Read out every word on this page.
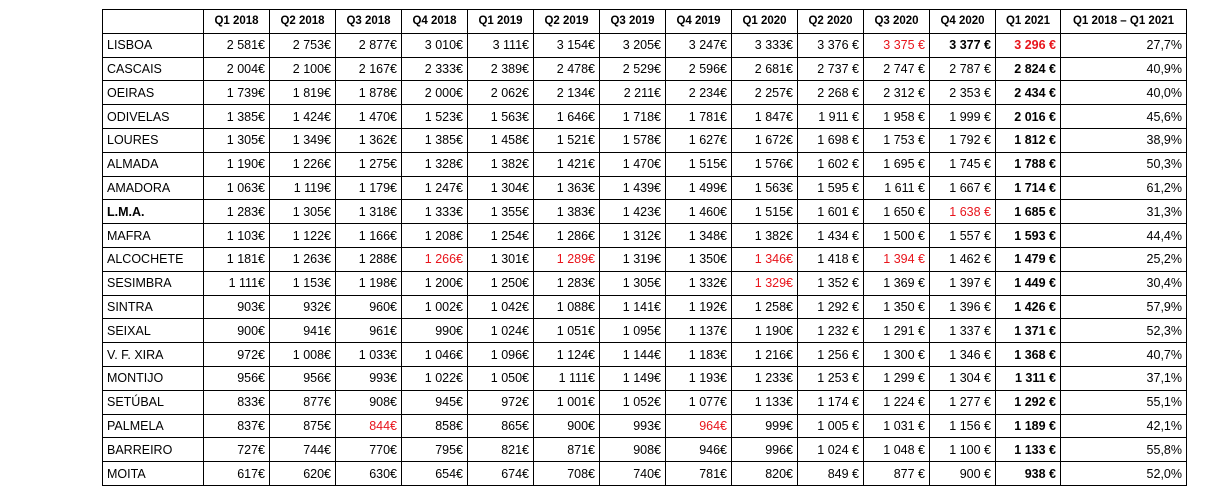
	Q1 2018	Q2 2018	Q3 2018	Q4 2018	Q1 2019	Q2 2019	Q3 2019	Q4 2019	Q1 2020	Q2 2020	Q3 2020	Q4 2020	Q1 2021	Q1 2018 – Q1 2021
LISBOA	2 581€	2 753€	2 877€	3 010€	3 111€	3 154€	3 205€	3 247€	3 333€	3 376 €	3 375 €	3 377 €	3 296 €	27,7%
CASCAIS	2 004€	2 100€	2 167€	2 333€	2 389€	2 478€	2 529€	2 596€	2 681€	2 737 €	2 747 €	2 787 €	2 824 €	40,9%
OEIRAS	1 739€	1 819€	1 878€	2 000€	2 062€	2 134€	2 211€	2 234€	2 257€	2 268 €	2 312 €	2 353 €	2 434 €	40,0%
ODIVELAS	1 385€	1 424€	1 470€	1 523€	1 563€	1 646€	1 718€	1 781€	1 847€	1 911 €	1 958 €	1 999 €	2 016 €	45,6%
LOURES	1 305€	1 349€	1 362€	1 385€	1 458€	1 521€	1 578€	1 627€	1 672€	1 698 €	1 753 €	1 792 €	1 812 €	38,9%
ALMADA	1 190€	1 226€	1 275€	1 328€	1 382€	1 421€	1 470€	1 515€	1 576€	1 602 €	1 695 €	1 745 €	1 788 €	50,3%
AMADORA	1 063€	1 119€	1 179€	1 247€	1 304€	1 363€	1 439€	1 499€	1 563€	1 595 €	1 611 €	1 667 €	1 714 €	61,2%
L.M.A.	1 283€	1 305€	1 318€	1 333€	1 355€	1 383€	1 423€	1 460€	1 515€	1 601 €	1 650 €	1 638 €	1 685 €	31,3%
MAFRA	1 103€	1 122€	1 166€	1 208€	1 254€	1 286€	1 312€	1 348€	1 382€	1 434 €	1 500 €	1 557 €	1 593 €	44,4%
ALCOCHETE	1 181€	1 263€	1 288€	1 266€	1 301€	1 289€	1 319€	1 350€	1 346€	1 418 €	1 394 €	1 462 €	1 479 €	25,2%
SESIMBRA	1 111€	1 153€	1 198€	1 200€	1 250€	1 283€	1 305€	1 332€	1 329€	1 352 €	1 369 €	1 397 €	1 449 €	30,4%
SINTRA	903€	932€	960€	1 002€	1 042€	1 088€	1 141€	1 192€	1 258€	1 292 €	1 350 €	1 396 €	1 426 €	57,9%
SEIXAL	900€	941€	961€	990€	1 024€	1 051€	1 095€	1 137€	1 190€	1 232 €	1 291 €	1 337 €	1 371 €	52,3%
V. F. XIRA	972€	1 008€	1 033€	1 046€	1 096€	1 124€	1 144€	1 183€	1 216€	1 256 €	1 300 €	1 346 €	1 368 €	40,7%
MONTIJO	956€	956€	993€	1 022€	1 050€	1 111€	1 149€	1 193€	1 233€	1 253 €	1 299 €	1 304 €	1 311 €	37,1%
SETÚBAL	833€	877€	908€	945€	972€	1 001€	1 052€	1 077€	1 133€	1 174 €	1 224 €	1 277 €	1 292 €	55,1%
PALMELA	837€	875€	844€	858€	865€	900€	993€	964€	999€	1 005 €	1 031 €	1 156 €	1 189 €	42,1%
BARREIRO	727€	744€	770€	795€	821€	871€	908€	946€	996€	1 024 €	1 048 €	1 100 €	1 133 €	55,8%
MOITA	617€	620€	630€	654€	674€	708€	740€	781€	820€	849 €	877 €	900 €	938 €	52,0%
